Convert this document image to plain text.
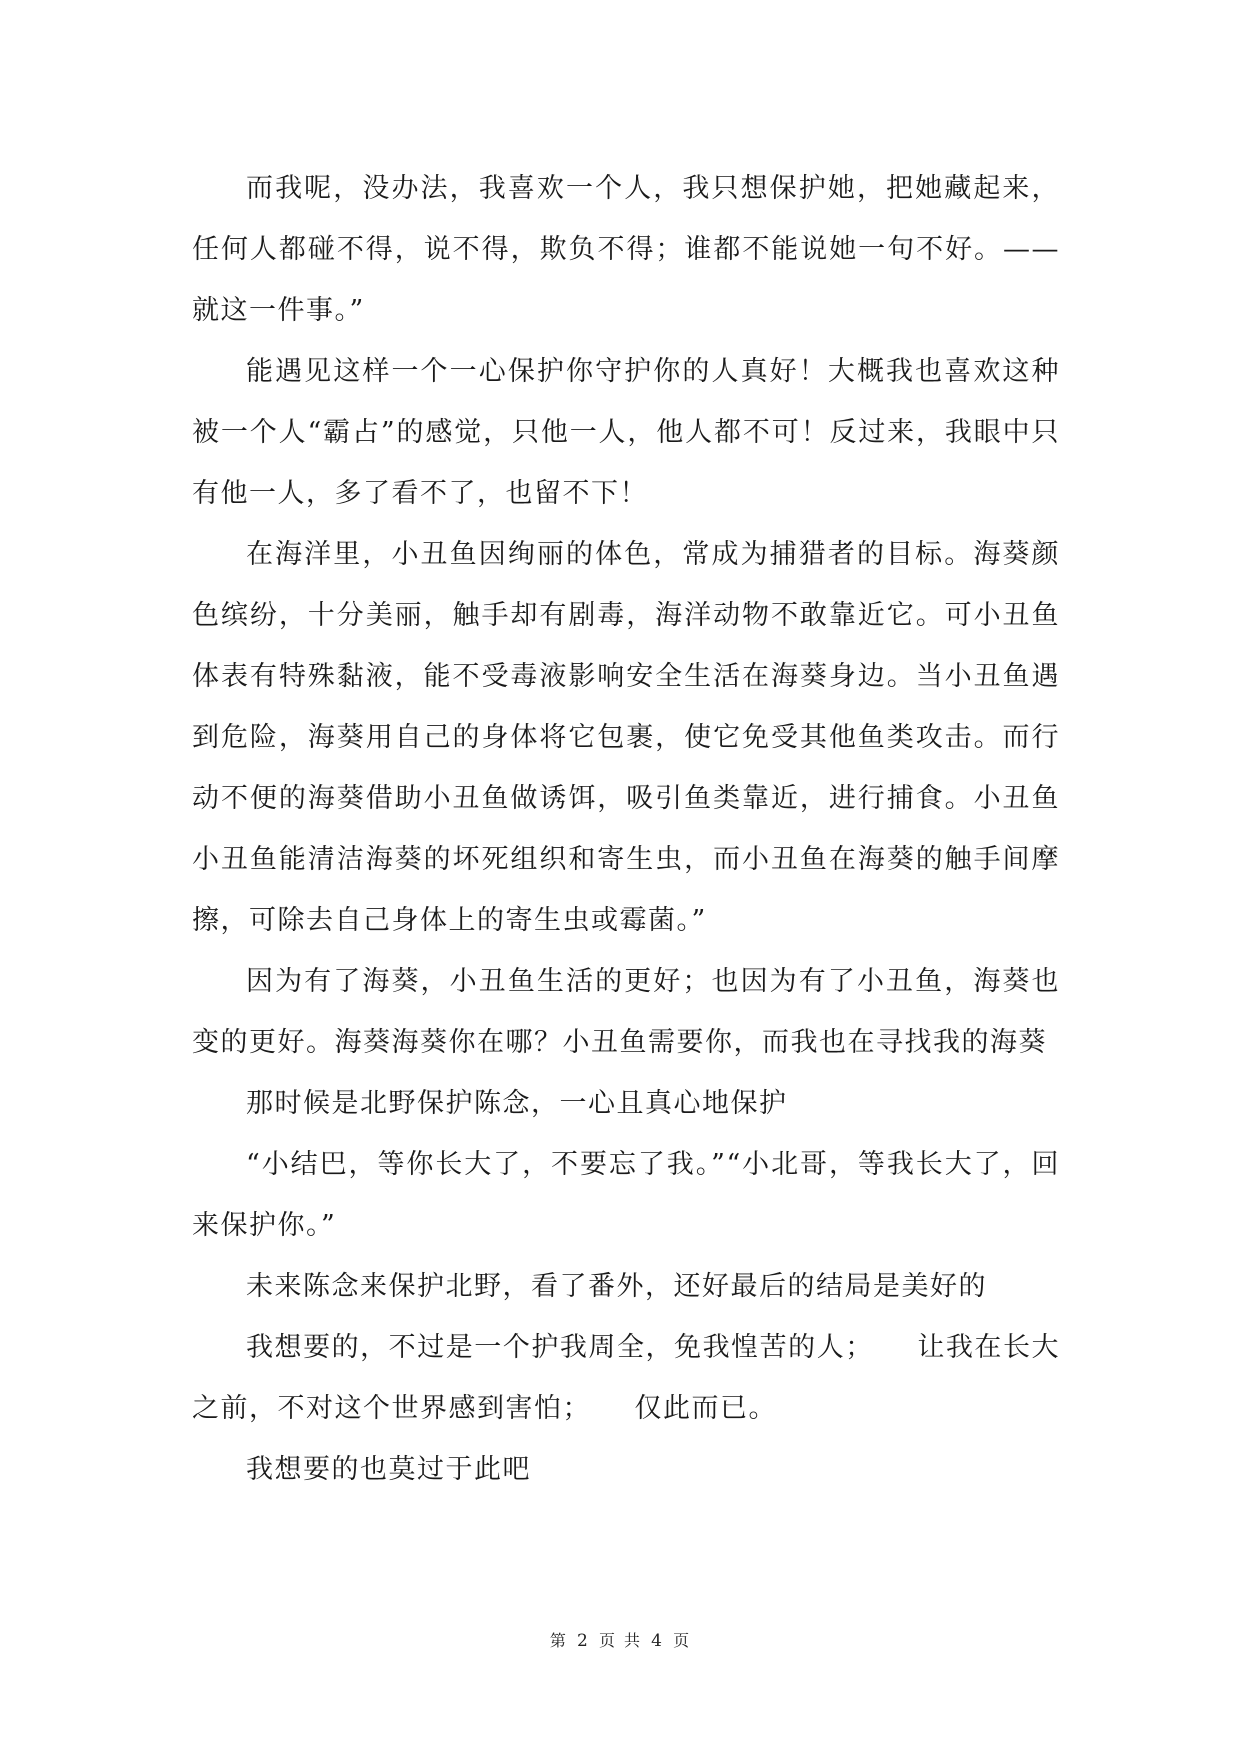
而我呢，没办法，我喜欢一个人，我只想保护她，把她藏起来，任何人都碰不得，说不得，欺负不得；谁都不能说她一句不好。——就这一件事。”

能遇见这样一个一心保护你守护你的人真好！大概我也喜欢这种被一个人“霸占”的感觉，只他一人，他人都不可！反过来，我眼中只有他一人，多了看不了，也留不下！

在海洋里，小丑鱼因绚丽的体色，常成为捕猎者的目标。海葵颜色缤纷，十分美丽，触手却有剧毒，海洋动物不敢靠近它。可小丑鱼体表有特殊黏液，能不受毒液影响安全生活在海葵身边。当小丑鱼遇到危险，海葵用自己的身体将它包裹，使它免受其他鱼类攻击。而行动不便的海葵借助小丑鱼做诱饵，吸引鱼类靠近，进行捕食。小丑鱼小丑鱼能清洁海葵的坏死组织和寄生虫，而小丑鱼在海葵的触手间摩擦，可除去自己身体上的寄生虫或霉菌。”

因为有了海葵，小丑鱼生活的更好；也因为有了小丑鱼，海葵也变的更好。海葵海葵你在哪？小丑鱼需要你，而我也在寻找我的海葵

那时候是北野保护陈念，一心且真心地保护

“小结巴，等你长大了，不要忘了我。”“小北哥，等我长大了，回来保护你。”

未来陈念来保护北野，看了番外，还好最后的结局是美好的

我想要的，不过是一个护我周全，免我惶苦的人；　　让我在长大之前，不对这个世界感到害怕；　　仅此而已。

我想要的也莫过于此吧

第 2 页 共 4 页
